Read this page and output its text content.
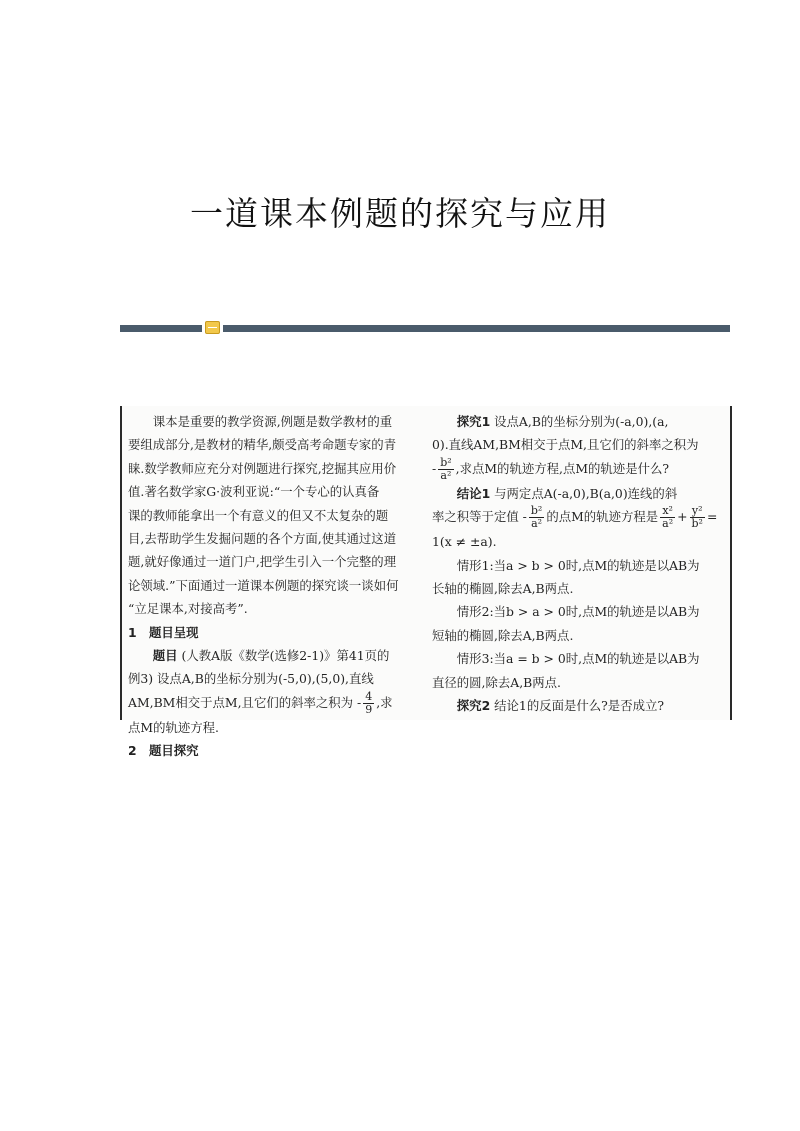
一道课本例题的探究与应用

课本是重要的教学资源,例题是数学教材的重

要组成部分,是教材的精华,颇受高考命题专家的青

睐.数学教师应充分对例题进行探究,挖掘其应用价

值.著名数学家G·波利亚说:“一个专心的认真备

课的教师能拿出一个有意义的但又不太复杂的题

目,去帮助学生发掘问题的各个方面,使其通过这道

题,就好像通过一道门户,把学生引入一个完整的理

论领域.”下面通过一道课本例题的探究谈一谈如何

“立足课本,对接高考”.

1　题目呈现

题目 (人教A版《数学(选修2-1)》第41页的

例3) 设点A,B的坐标分别为(-5,0),(5,0),直线

AM,BM相交于点M,且它们的斜率之积为 - $\frac{4}{9}$ ,求

点M的轨迹方程.

2　题目探究

探究1 设点A,B的坐标分别为(-a,0),(a,

0).直线AM,BM相交于点M,且它们的斜率之积为

- $\frac{\text{b²}}{\text{a²}}$ ,求点M的轨迹方程,点M的轨迹是什么?

结论1 与两定点A(-a,0),B(a,0)连线的斜

率之积等于定值 - $\frac{\text{b²}}{\text{a²}}$ 的点M的轨迹方程是 $\frac{\text{x²}}{\text{a²}} + \frac{\text{y²}}{\text{b²}}$ =

1(x ≠ ±a).

情形1:当a > b > 0时,点M的轨迹是以AB为

长轴的椭圆,除去A,B两点.

情形2:当b > a > 0时,点M的轨迹是以AB为

短轴的椭圆,除去A,B两点.

情形3:当a = b > 0时,点M的轨迹是以AB为

直径的圆,除去A,B两点.

探究2 结论1的反面是什么?是否成立?
